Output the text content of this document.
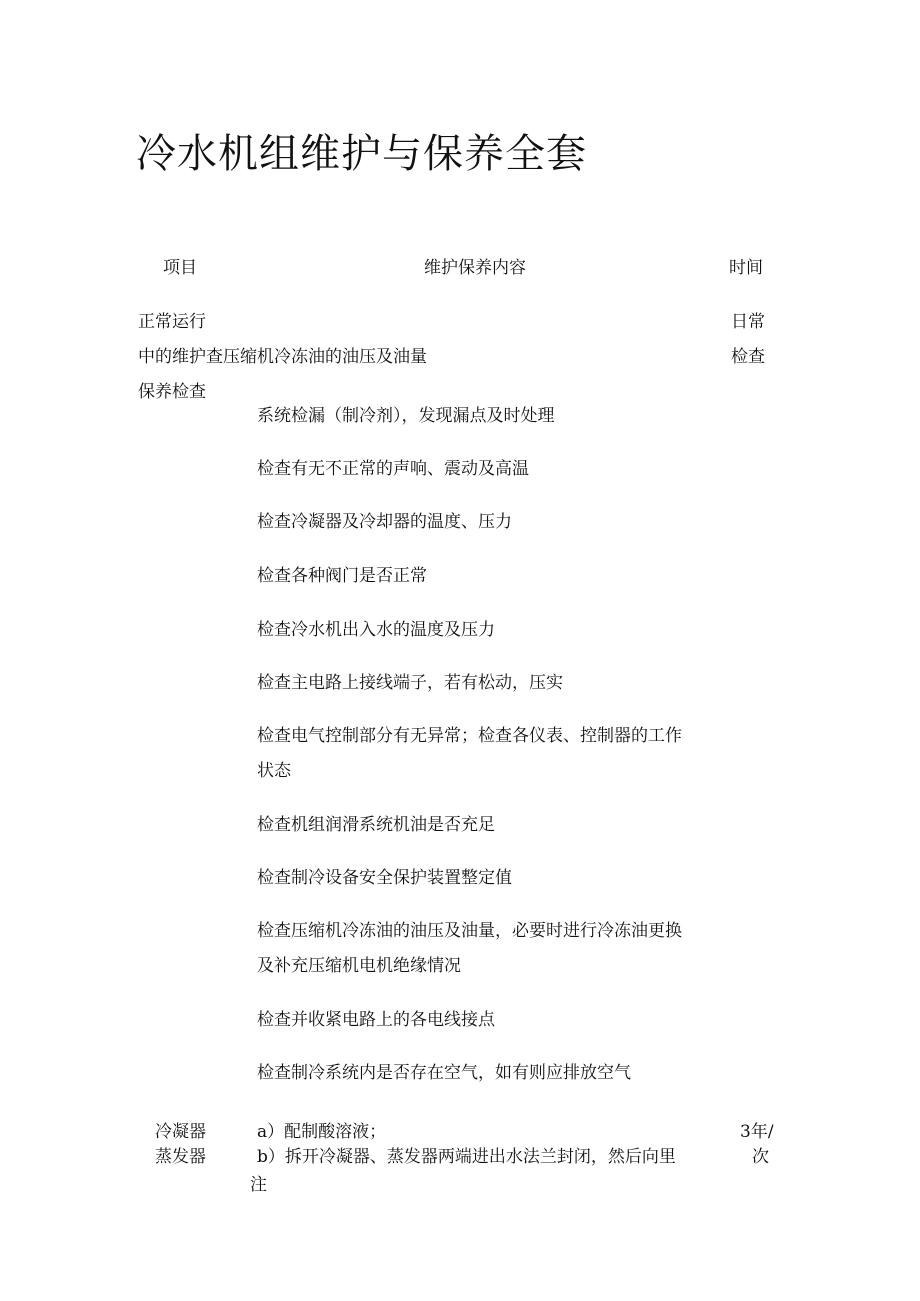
冷水机组维护与保养全套
项目	维护保养内容	时间
正常运行
中的维护
保养检查
查压缩机冷冻油的油压及油量
日常
检查
系统检漏（制冷剂），发现漏点及时处理
检查有无不正常的声响、震动及高温
检查冷凝器及冷却器的温度、压力
检查各种阀门是否正常
检查冷水机出入水的温度及压力
检查主电路上接线端子，若有松动，压实
检查电气控制部分有无异常；检查各仪表、控制器的工作
状态
检查机组润滑系统机油是否充足
检查制冷设备安全保护装置整定值
检查压缩机冷冻油的油压及油量，必要时进行冷冻油更换
及补充压缩机电机绝缘情况
检查并收紧电路上的各电线接点
检查制冷系统内是否存在空气，如有则应排放空气
冷凝器
蒸发器
a）配制酸溶液；
b）拆开冷凝器、蒸发器两端进出水法兰封闭，然后向里
3年/
次
注
